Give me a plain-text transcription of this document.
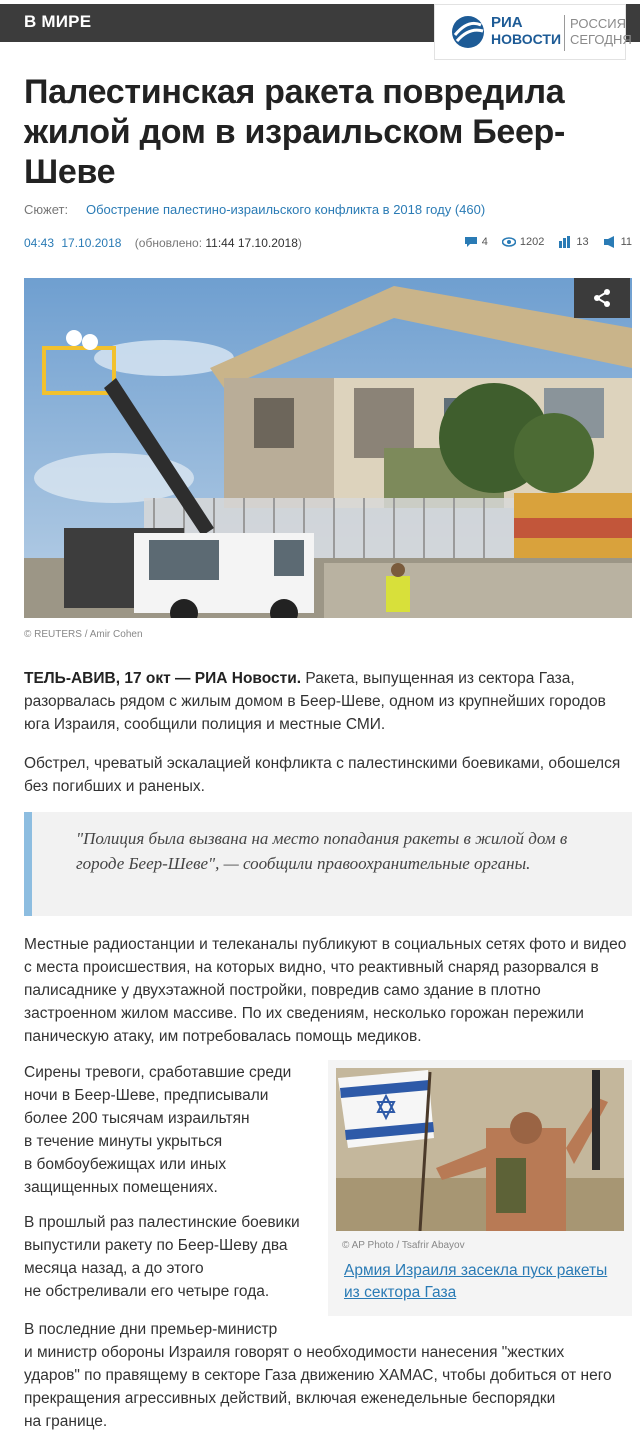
В МИРЕ	РИА
НОВОСТИ
РОССИЯ
СЕГОДНЯ
Палестинская ракета повредила жилой дом в израильском Беер-Шеве
Сюжет: Обострение палестино-израильского конфликта в 2018 году (460)
04:43 17.10.2018 (обновлено: 11:44 17.10.2018)	4	1202	13	11
© REUTERS / Amir Cohen
ТЕЛЬ-АВИВ, 17 окт — РИА Новости. Ракета, выпущенная из сектора Газа, разорвалась рядом с жилым домом в Беер-Шеве, одном из крупнейших городов юга Израиля, сообщили полиция и местные СМИ.
Обстрел, чреватый эскалацией конфликта с палестинскими боевиками, обошелся без погибших и раненых.
"Полиция была вызвана на место попадания ракеты в жилой дом в городе Беер-Шеве", — сообщили правоохранительные органы.
Местные радиостанции и телеканалы публикуют в социальных сетях фото и видео с места происшествия, на которых видно, что реактивный снаряд разорвался в палисаднике у двухэтажной постройки, повредив само здание в плотно застроенном жилом массиве. По их сведениям, несколько горожан пережили паническую атаку, им потребовалась помощь медиков.
Сирены тревоги, сработавшие среди
ночи в Беер-Шеве, предписывали
более 200 тысячам израильтян
в течение минуты укрыться
в бомбоубежищах или иных
защищенных помещениях.
В прошлый раз палестинские боевики
выпустили ракету по Беер-Шеву два
месяца назад, а до этого
не обстреливали его четыре года.
В последние дни премьер-министр
и министр обороны Израиля говорят о необходимости нанесения "жестких
ударов" по правящему в секторе Газа движению ХАМАС, чтобы добиться от него
прекращения агрессивных действий, включая еженедельные беспорядки
на границе.
© AP Photo / Tsafrir Abayov
Армия Израиля засекла пуск ракеты из сектора Газа
